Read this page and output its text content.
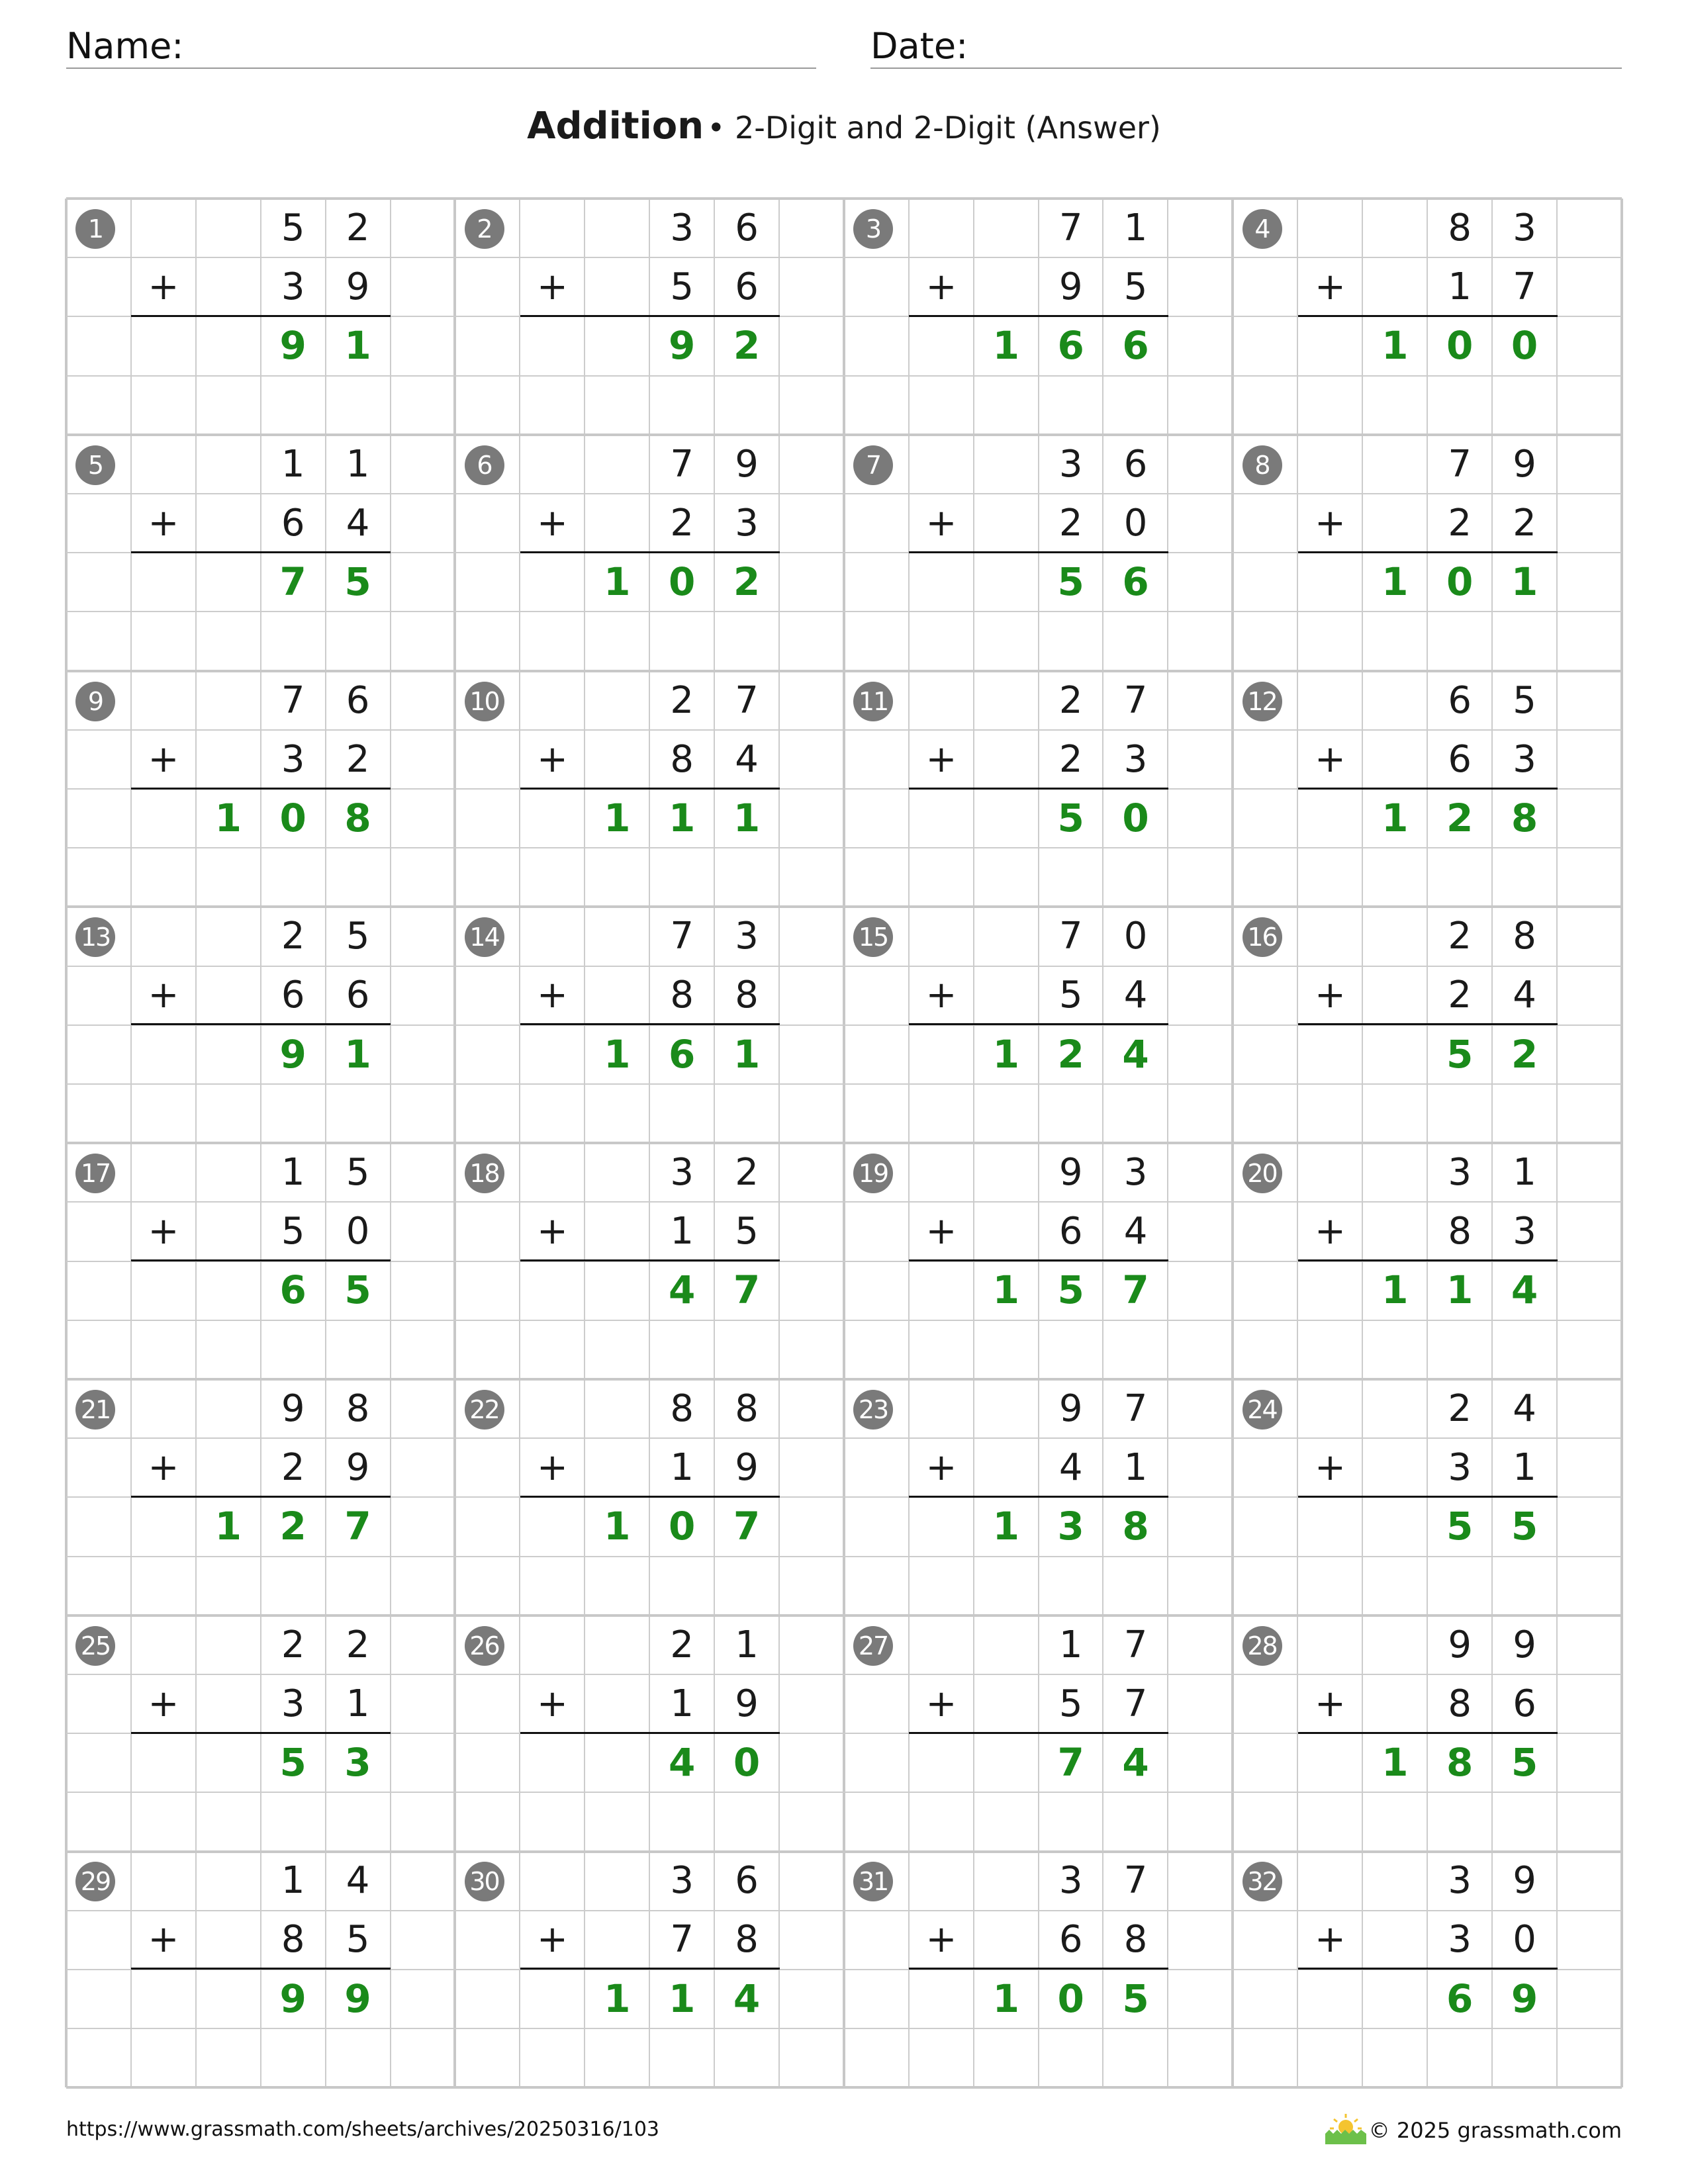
Name:	Date:
Addition • 2-Digit and 2-Digit (Answer)
1	5	2
+	3	9
9 1
2	3	6
+	5	6
9 2
3	7	1
+	9	5
1 6 6
4	8	3
+	1	7
1 0 0
5	1	1
+	6	4
7 5
6	7	9
+	2	3
1 0 2
7	3	6
+	2	0
5 6
8	7	9
+	2	2
1 0 1
9	7	6
+	3	2
1 0 8
10	2	7
+	8	4
1 1 1
11	2	7
+	2	3
5 0
12	6	5
+	6	3
1 2 8
13	2	5
+	6	6
9 1
14	7	3
+	8	8
1 6 1
15	7	0
+	5	4
1 2 4
16	2	8
+	2	4
5 2
17	1	5
+	5	0
6 5
18	3	2
+	1	5
4 7
19	9	3
+	6	4
1 5 7
20	3	1
+	8	3
1 1 4
21	9	8
+	2	9
1 2 7
22	8	8
+	1	9
1 0 7
23	9	7
+	4	1
1 3 8
24	2	4
+	3	1
5 5
25	2	2
+	3	1
5 3
26	2	1
+	1	9
4 0
27	1	7
+	5	7
7 4
28	9	9
+	8	6
1 8 5
29	1	4
+	8	5
9 9
30	3	6
+	7	8
1 1 4
31	3	7
+	6	8
1 0 5
32	3	9
+	3	0
6 9
https://www.grassmath.com/sheets/archives/20250316/103	© 2025 grassmath.com
